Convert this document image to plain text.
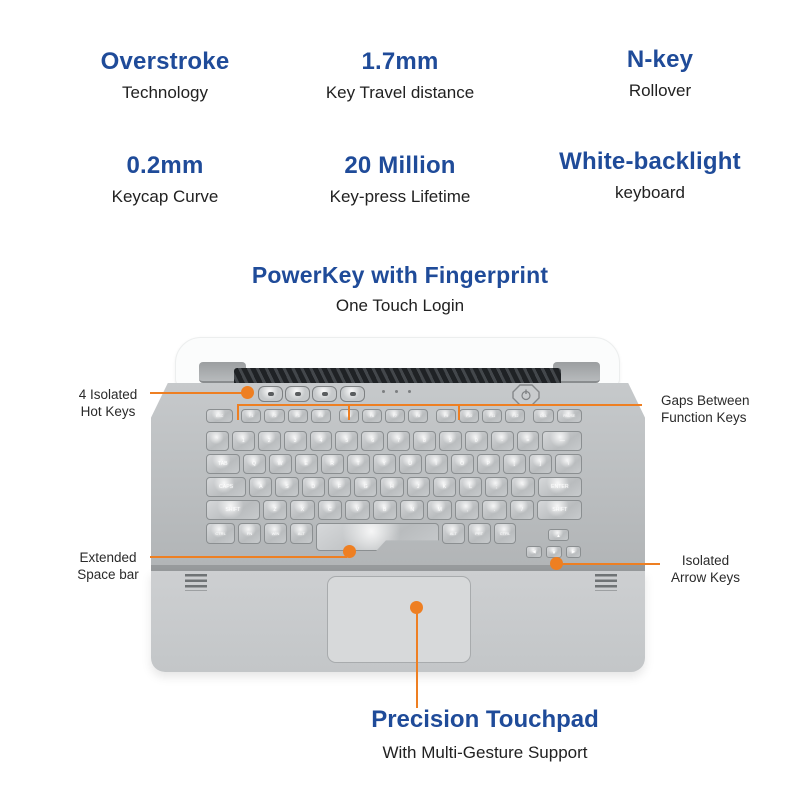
Overstroke
Technology
1.7mm
Key Travel distance
N-key
Rollover
0.2mm
Keycap Curve
20 Million
Key-press Lifetime
White-backlight
keyboard
PowerKey with Fingerprint
One Touch Login
ESC	F1	F2	F3	F4	F6	F7	F8	F9	F10	F11	F12	DEL	PAUSE
`	1	2	3	4	5	6	7	8	9	0	-	=	—
TAB	Q	W	E	R	T	Y	U	I	O	P	[	]	\
CAPS	A	S	D	F	G	H	J	K	L	;	'	ENTER
SHIFT	Z	X	C	V	B	N	M	,	.	/	SHIFT
CTRL	FN	WIN	ALT	ALT	PRT	CTRL	▲
◀	▼	▶
4 Isolated
Hot Keys
Gaps Between
Function Keys
Extended
Space bar
Isolated
Arrow Keys
Precision Touchpad
With Multi-Gesture Support
